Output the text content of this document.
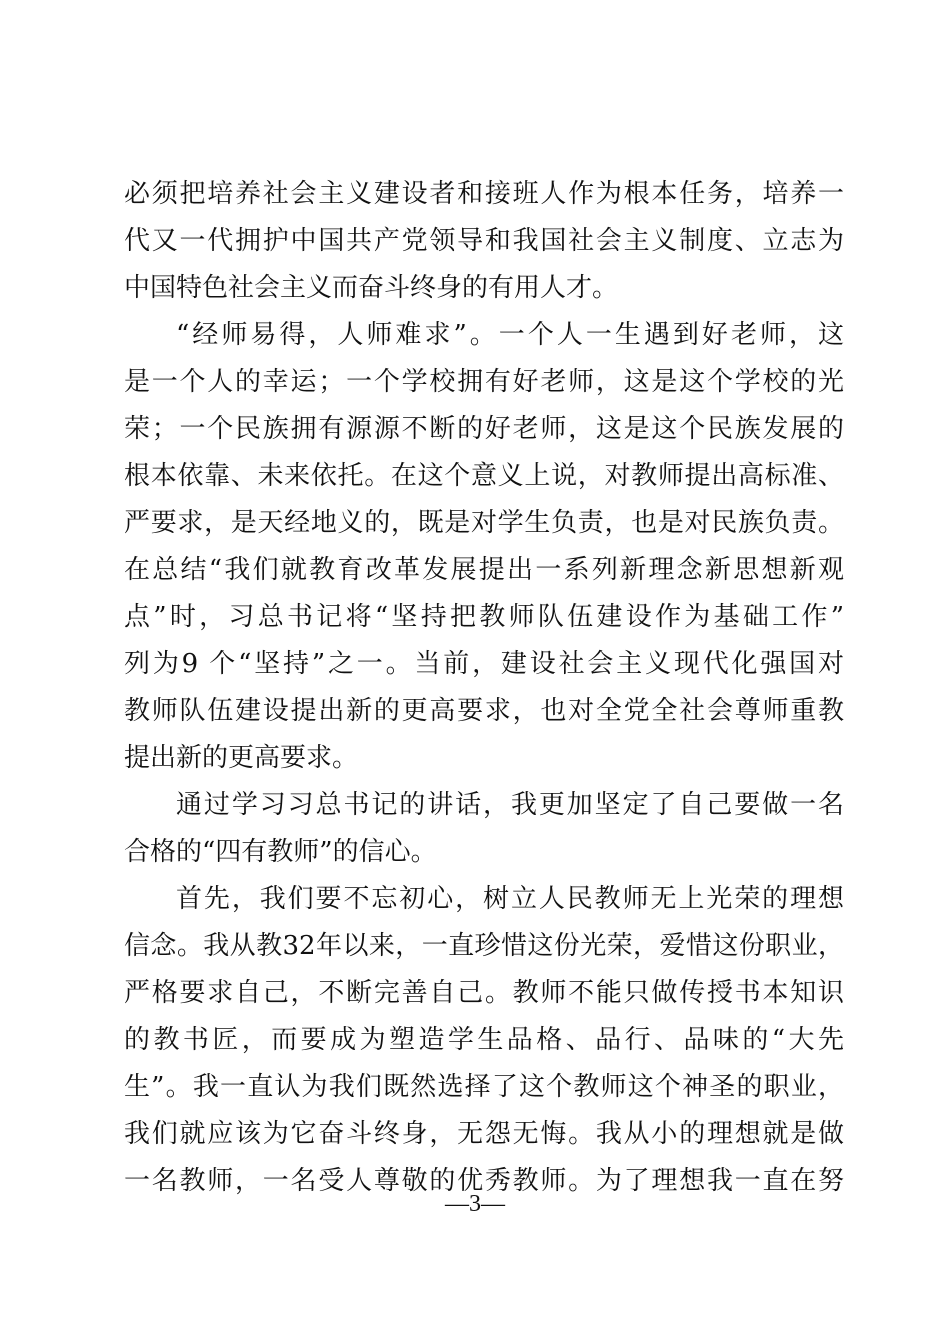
必须把培养社会主义建设者和接班人作为根本任务，培养一
代又一代拥护中国共产党领导和我国社会主义制度、立志为
中国特色社会主义而奋斗终身的有用人才。
“经师易得，人师难求”。一个人一生遇到好老师，这
是一个人的幸运；一个学校拥有好老师，这是这个学校的光
荣；一个民族拥有源源不断的好老师，这是这个民族发展的
根本依靠、未来依托。在这个意义上说，对教师提出高标准、
严要求，是天经地义的，既是对学生负责，也是对民族负责。
在总结“我们就教育改革发展提出一系列新理念新思想新观
点”时，习总书记将“坚持把教师队伍建设作为基础工作”
列为9 个“坚持”之一。当前，建设社会主义现代化强国对
教师队伍建设提出新的更高要求，也对全党全社会尊师重教
提出新的更高要求。
通过学习习总书记的讲话，我更加坚定了自己要做一名
合格的“四有教师”的信心。
首先，我们要不忘初心，树立人民教师无上光荣的理想
信念。我从教32年以来，一直珍惜这份光荣，爱惜这份职业，
严格要求自己，不断完善自己。教师不能只做传授书本知识
的教书匠，而要成为塑造学生品格、品行、品味的“大先
生”。我一直认为我们既然选择了这个教师这个神圣的职业，
我们就应该为它奋斗终身，无怨无悔。我从小的理想就是做
一名教师，一名受人尊敬的优秀教师。为了理想我一直在努
—3—
